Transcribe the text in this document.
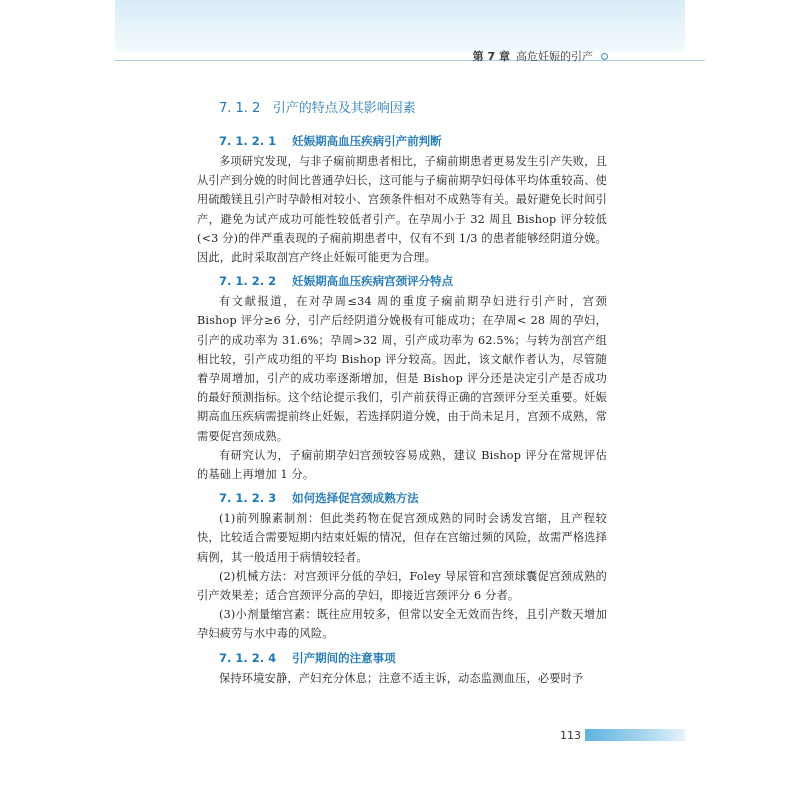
第 7 章 高危妊娠的引产
7. 1. 2 引产的特点及其影响因素
7. 1. 2. 1 妊娠期高血压疾病引产前判断

多项研究发现，与非子痫前期患者相比，子痫前期患者更易发生引产失败，且从引产到分娩的时间比普通孕妇长，这可能与子痫前期孕妇母体平均体重较高、使用硫酸镁且引产时孕龄相对较小、宫颈条件相对不成熟等有关。最好避免长时间引产，避免为试产成功可能性较低者引产。在孕周小于 32 周且 Bishop 评分较低(<3 分)的伴严重表现的子痫前期患者中，仅有不到 1/3 的患者能够经阴道分娩。因此，此时采取剖宫产终止妊娠可能更为合理。

7. 1. 2. 2 妊娠期高血压疾病宫颈评分特点

有文献报道，在对孕周≤34 周的重度子痫前期孕妇进行引产时，宫颈 Bishop 评分≥6 分，引产后经阴道分娩极有可能成功；在孕周< 28 周的孕妇，引产的成功率为 31.6%；孕周>32 周，引产成功率为 62.5%；与转为剖宫产组相比较，引产成功组的平均 Bishop 评分较高。因此，该文献作者认为，尽管随着孕周增加，引产的成功率逐渐增加，但是 Bishop 评分还是决定引产是否成功的最好预测指标。这个结论提示我们，引产前获得正确的宫颈评分至关重要。妊娠期高血压疾病需提前终止妊娠，若选择阴道分娩，由于尚未足月，宫颈不成熟，常需要促宫颈成熟。

有研究认为，子痫前期孕妇宫颈较容易成熟，建议 Bishop 评分在常规评估的基础上再增加 1 分。

7. 1. 2. 3 如何选择促宫颈成熟方法

(1)前列腺素制剂：但此类药物在促宫颈成熟的同时会诱发宫缩，且产程较快，比较适合需要短期内结束妊娠的情况，但存在宫缩过频的风险，故需严格选择病例，其一般适用于病情较轻者。

(2)机械方法：对宫颈评分低的孕妇，Foley 导尿管和宫颈球囊促宫颈成熟的引产效果差；适合宫颈评分高的孕妇，即接近宫颈评分 6 分者。

(3)小剂量缩宫素：既往应用较多，但常以安全无效而告终，且引产数天增加孕妇疲劳与水中毒的风险。

7. 1. 2. 4 引产期间的注意事项

保持环境安静，产妇充分休息；注意不适主诉，动态监测血压，必要时予

113
